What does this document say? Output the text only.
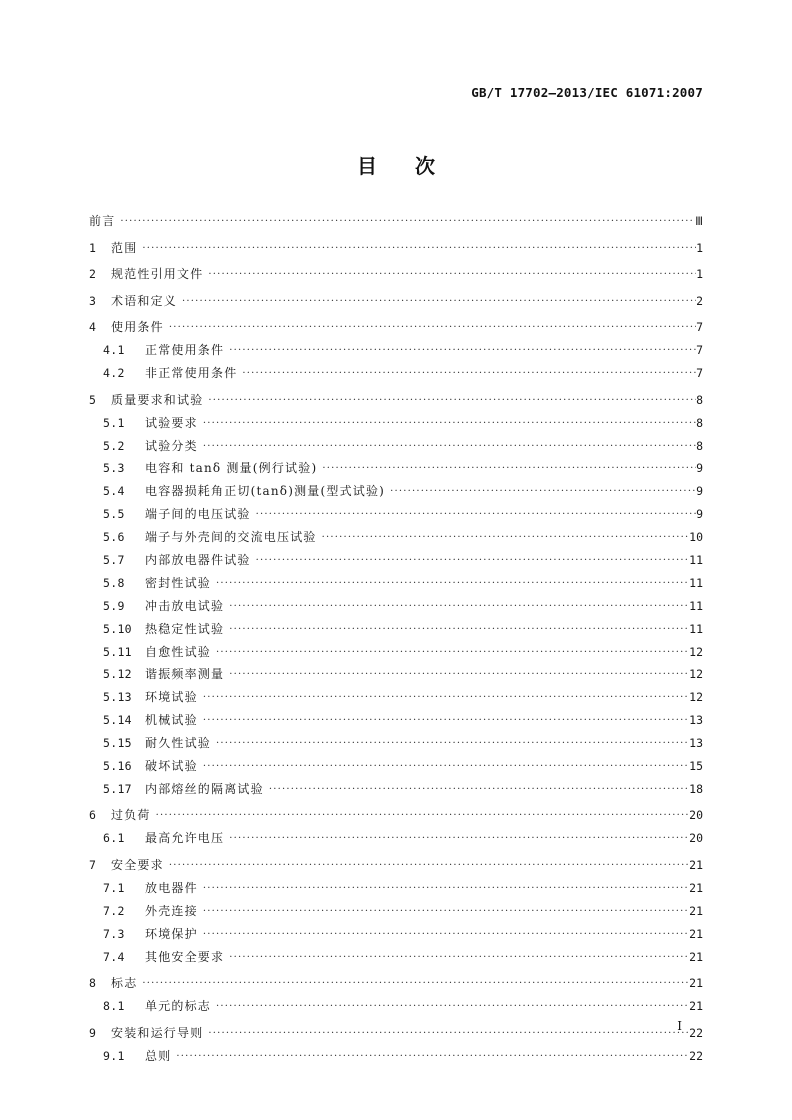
GB/T 17702—2013/IEC 61071:2007
目次
前言 ·····	Ⅲ
1	范围 ·····	1
2	规范性引用文件 ·····	1
3	术语和定义 ·····	2
4	使用条件 ·····	7
4.1	正常使用条件 ·····	7
4.2	非正常使用条件 ·····	7
5	质量要求和试验 ·····	8
5.1	试验要求 ·····	8
5.2	试验分类 ·····	8
5.3	电容和 tanδ 测量(例行试验) ·····	9
5.4	电容器损耗角正切(tanδ)测量(型式试验) ·····	9
5.5	端子间的电压试验 ·····	9
5.6	端子与外壳间的交流电压试验 ·····	10
5.7	内部放电器件试验 ·····	11
5.8	密封性试验 ·····	11
5.9	冲击放电试验 ·····	11
5.10	热稳定性试验 ·····	11
5.11	自愈性试验 ·····	12
5.12	谐振频率测量 ·····	12
5.13	环境试验 ·····	12
5.14	机械试验 ·····	13
5.15	耐久性试验 ·····	13
5.16	破坏试验 ·····	15
5.17	内部熔丝的隔离试验 ·····	18
6	过负荷 ·····	20
6.1	最高允许电压 ·····	20
7	安全要求 ·····	21
7.1	放电器件 ·····	21
7.2	外壳连接 ·····	21
7.3	环境保护 ·····	21
7.4	其他安全要求 ·····	21
8	标志 ·····	21
8.1	单元的标志 ·····	21
9	安装和运行导则 ·····	22
9.1	总则 ·····	22
Ⅰ
